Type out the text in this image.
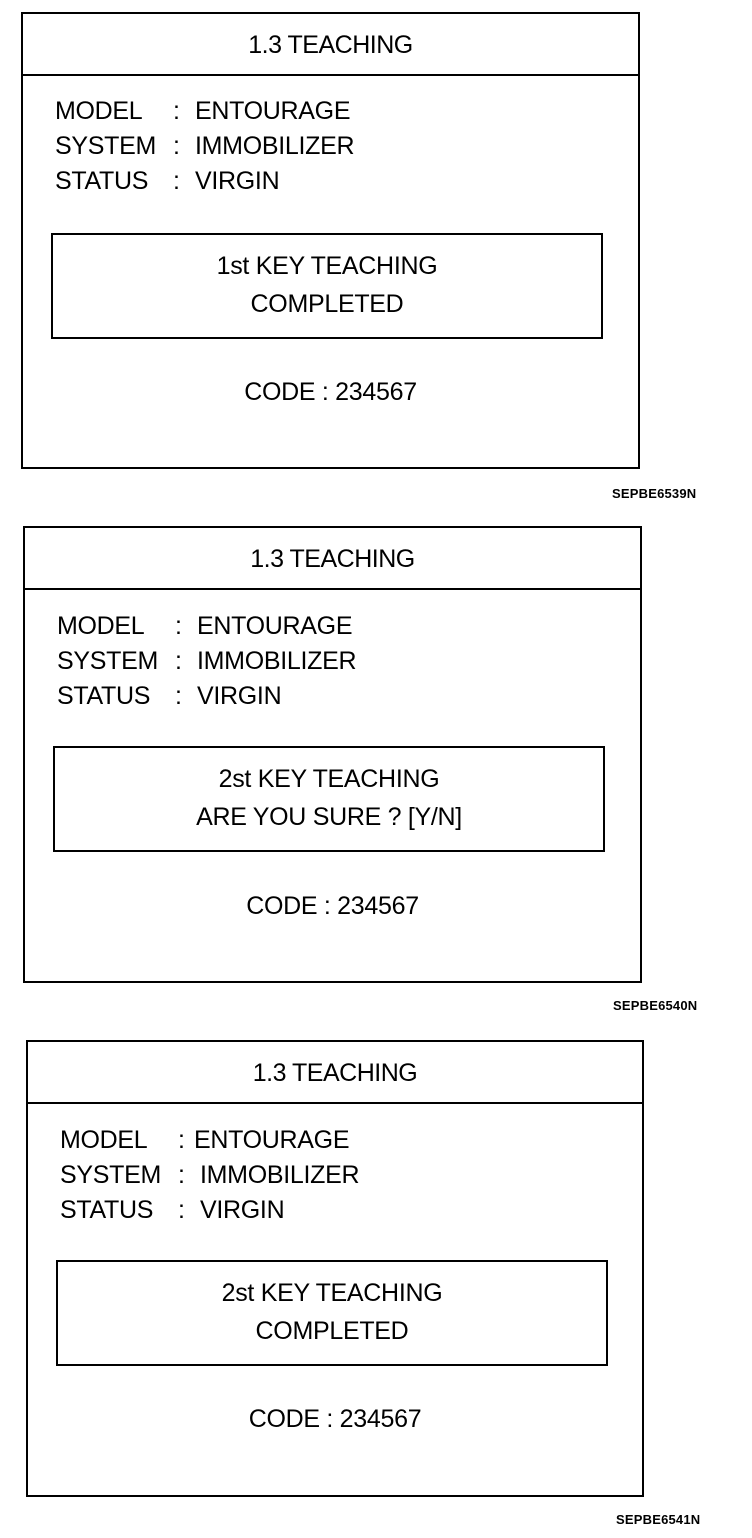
1.3 TEACHING
MODEL : ENTOURAGE
SYSTEM : IMMOBILIZER
STATUS : VIRGIN
1st KEY TEACHING
COMPLETED
CODE : 234567
SEPBE6539N
1.3 TEACHING
MODEL : ENTOURAGE
SYSTEM : IMMOBILIZER
STATUS : VIRGIN
2st KEY TEACHING
ARE YOU SURE ? [Y/N]
CODE : 234567
SEPBE6540N
1.3 TEACHING
MODEL : ENTOURAGE
SYSTEM : IMMOBILIZER
STATUS : VIRGIN
2st KEY TEACHING
COMPLETED
CODE : 234567
SEPBE6541N
